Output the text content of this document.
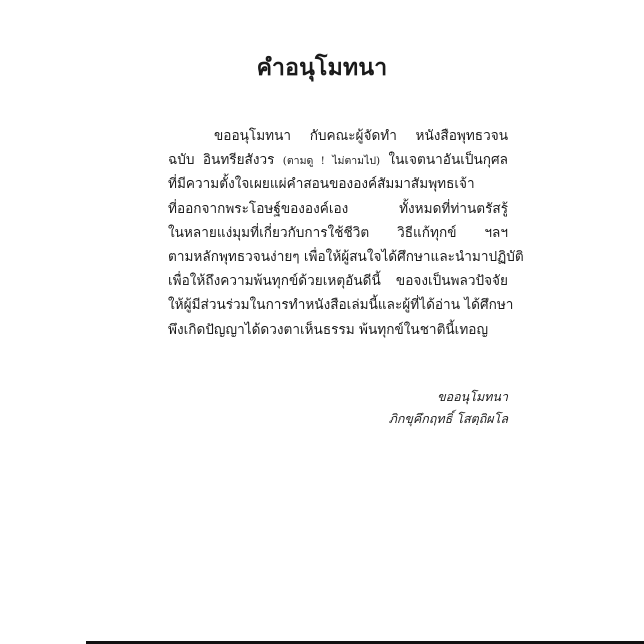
คำอนุโมทนา
ขออนุโมทนา กับคณะผู้จัดทำ หนังสือพุทธวจน
ฉบับ อินทรียสังวร (ตามดู ! ไม่ตามไป) ในเจตนาอันเป็นกุศล
ที่มีความตั้งใจเผยแผ่คำสอนขององค์สัมมาสัมพุทธเจ้า
ที่ออกจากพระโอษฐ์ขององค์เอง ทั้งหมดที่ท่านตรัสรู้
ในหลายแง่มุมที่เกี่ยวกับการใช้ชีวิต วิธีแก้ทุกข์ ฯลฯ
ตามหลักพุทธวจนง่ายๆ เพื่อให้ผู้สนใจได้ศึกษาและนำมาปฏิบัติ
เพื่อให้ถึงความพ้นทุกข์ด้วยเหตุอันดีนี้ ขอจงเป็นพลวปัจจัย
ให้ผู้มีส่วนร่วมในการทำหนังสือเล่มนี้และผู้ที่ได้อ่าน ได้ศึกษา
พึงเกิดปัญญาได้ดวงตาเห็นธรรม พ้นทุกข์ในชาตินี้เทอญ
ขออนุโมทนา
ภิกขุคึกฤทธิ์ โสตฺถิผโล
